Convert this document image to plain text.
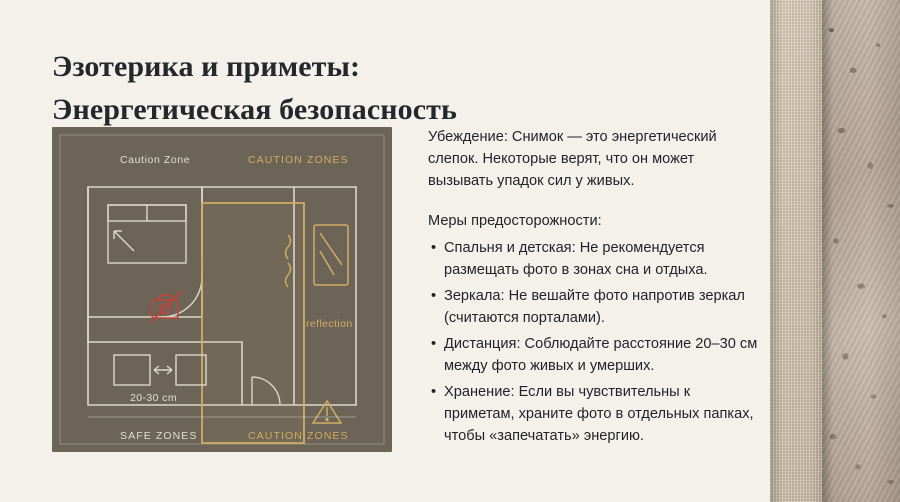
Эзотерика и приметы:
Энергетическая безопасность
Caution Zone	CAUTION ZONES
reflection
20-30 cm
SAFE ZONES	CAUTION ZONES

Убеждение: Снимок — это энергетический слепок. Некоторые верят, что он может вызывать упадок сил у живых.

Меры предосторожности:

• Спальня и детская: Не рекомендуется размещать фото в зонах сна и отдыха.
• Зеркала: Не вешайте фото напротив зеркал (считаются порталами).
• Дистанция: Соблюдайте расстояние 20–30 см между фото живых и умерших.
• Хранение: Если вы чувствительны к приметам, храните фото в отдельных папках, чтобы «запечатать» энергию.
